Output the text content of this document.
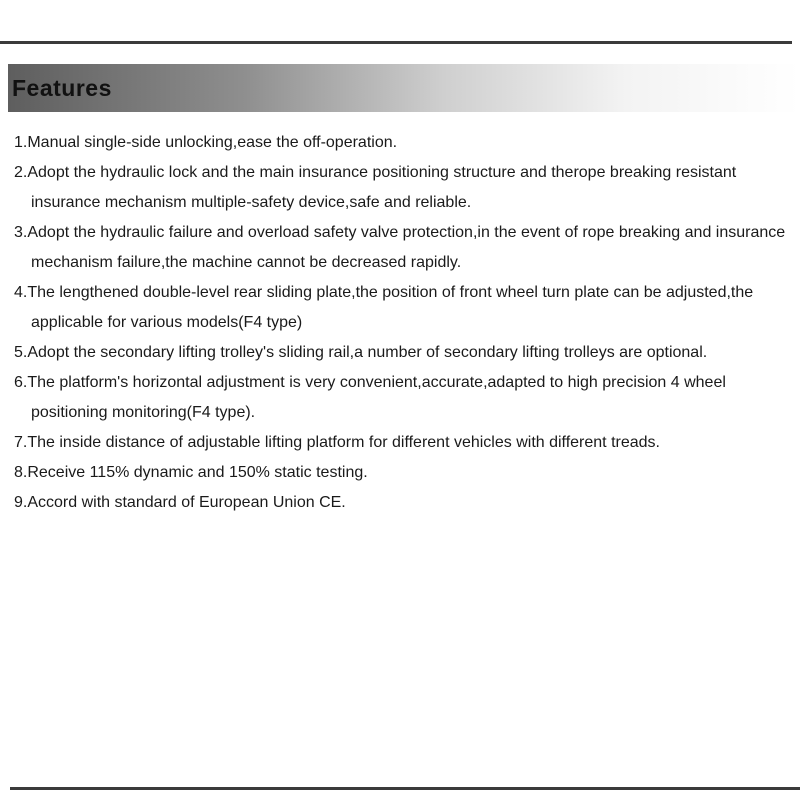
Features

1.Manual single-side unlocking,ease the off-operation.

2.Adopt the hydraulic lock and the main insurance positioning structure and therope breaking resistant insurance mechanism multiple-safety device,safe and reliable.

3.Adopt the hydraulic failure and overload safety valve protection,in the event of rope breaking and insurance mechanism failure,the machine cannot be decreased rapidly.

4.The lengthened double-level rear sliding plate,the position of front wheel turn plate can be adjusted,the applicable for various models(F4 type)

5.Adopt the secondary lifting trolley's sliding rail,a number of secondary lifting trolleys are optional.

6.The platform's horizontal adjustment is very convenient,accurate,adapted to high precision 4 wheel positioning monitoring(F4 type).

7.The inside distance of adjustable lifting platform for different vehicles with different treads.

8.Receive 115% dynamic and 150% static testing.

9.Accord with standard of European Union CE.
